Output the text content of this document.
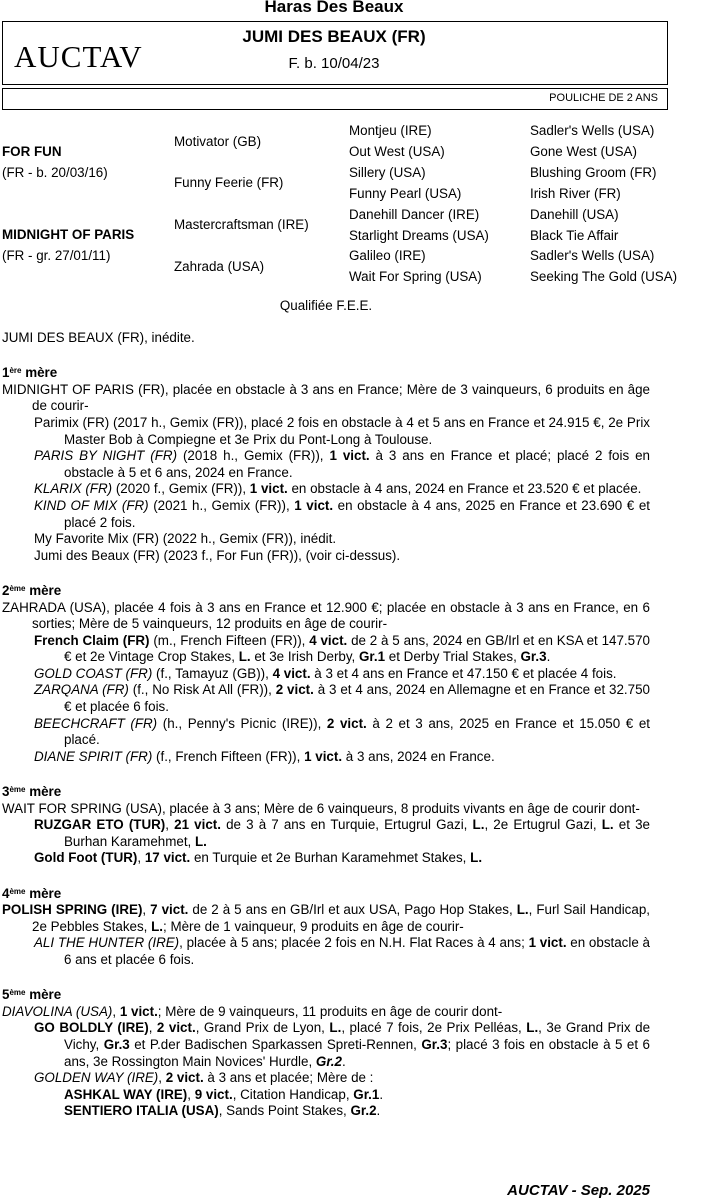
Haras Des Beaux
AUCTAV
JUMI DES BEAUX (FR)
F. b. 10/04/23
POULICHE DE 2 ANS
FOR FUN
(FR - b. 20/03/16)
MIDNIGHT OF PARIS
(FR - gr. 27/01/11)
Motivator (GB)
Funny Feerie (FR)
Mastercraftsman (IRE)
Zahrada (USA)
Montjeu (IRE)
Out West (USA)
Sillery (USA)
Funny Pearl (USA)
Danehill Dancer (IRE)
Starlight Dreams (USA)
Galileo (IRE)
Wait For Spring (USA)
Sadler's Wells (USA)
Gone West (USA)
Blushing Groom (FR)
Irish River (FR)
Danehill (USA)
Black Tie Affair
Sadler's Wells (USA)
Seeking The Gold (USA)
Qualifiée F.E.E.

JUMI DES BEAUX (FR), inédite.

1ère mère

MIDNIGHT OF PARIS (FR), placée en obstacle à 3 ans en France; Mère de 3 vainqueurs, 6 produits en âge de courir-

Parimix (FR) (2017 h., Gemix (FR)), placé 2 fois en obstacle à 4 et 5 ans en France et 24.915 €, 2e Prix Master Bob à Compiegne et 3e Prix du Pont-Long à Toulouse.

PARIS BY NIGHT (FR) (2018 h., Gemix (FR)), 1 vict. à 3 ans en France et placé; placé 2 fois en obstacle à 5 et 6 ans, 2024 en France.

KLARIX (FR) (2020 f., Gemix (FR)), 1 vict. en obstacle à 4 ans, 2024 en France et 23.520 € et placée.

KIND OF MIX (FR) (2021 h., Gemix (FR)), 1 vict. en obstacle à 4 ans, 2025 en France et 23.690 € et placé 2 fois.

My Favorite Mix (FR) (2022 h., Gemix (FR)), inédit.

Jumi des Beaux (FR) (2023 f., For Fun (FR)), (voir ci-dessus).

2ème mère

ZAHRADA (USA), placée 4 fois à 3 ans en France et 12.900 €; placée en obstacle à 3 ans en France, en 6 sorties; Mère de 5 vainqueurs, 12 produits en âge de courir-

French Claim (FR) (m., French Fifteen (FR)), 4 vict. de 2 à 5 ans, 2024 en GB/Irl et en KSA et 147.570 € et 2e Vintage Crop Stakes, L. et 3e Irish Derby, Gr.1 et Derby Trial Stakes, Gr.3.

GOLD COAST (FR) (f., Tamayuz (GB)), 4 vict. à 3 et 4 ans en France et 47.150 € et placée 4 fois.

ZARQANA (FR) (f., No Risk At All (FR)), 2 vict. à 3 et 4 ans, 2024 en Allemagne et en France et 32.750 € et placée 6 fois.

BEECHCRAFT (FR) (h., Penny's Picnic (IRE)), 2 vict. à 2 et 3 ans, 2025 en France et 15.050 € et placé.

DIANE SPIRIT (FR) (f., French Fifteen (FR)), 1 vict. à 3 ans, 2024 en France.

3ème mère

WAIT FOR SPRING (USA), placée à 3 ans; Mère de 6 vainqueurs, 8 produits vivants en âge de courir dont-

RUZGAR ETO (TUR), 21 vict. de 3 à 7 ans en Turquie, Ertugrul Gazi, L., 2e Ertugrul Gazi, L. et 3e Burhan Karamehmet, L.

Gold Foot (TUR), 17 vict. en Turquie et 2e Burhan Karamehmet Stakes, L.

4ème mère

POLISH SPRING (IRE), 7 vict. de 2 à 5 ans en GB/Irl et aux USA, Pago Hop Stakes, L., Furl Sail Handicap, 2e Pebbles Stakes, L.; Mère de 1 vainqueur, 9 produits en âge de courir-

ALI THE HUNTER (IRE), placée à 5 ans; placée 2 fois en N.H. Flat Races à 4 ans; 1 vict. en obstacle à 6 ans et placée 6 fois.

5ème mère

DIAVOLINA (USA), 1 vict.; Mère de 9 vainqueurs, 11 produits en âge de courir dont-

GO BOLDLY (IRE), 2 vict., Grand Prix de Lyon, L., placé 7 fois, 2e Prix Pelléas, L., 3e Grand Prix de Vichy, Gr.3 et P.der Badischen Sparkassen Spreti-Rennen, Gr.3; placé 3 fois en obstacle à 5 et 6 ans, 3e Rossington Main Novices' Hurdle, Gr.2.

GOLDEN WAY (IRE), 2 vict. à 3 ans et placée; Mère de :

ASHKAL WAY (IRE), 9 vict., Citation Handicap, Gr.1.

SENTIERO ITALIA (USA), Sands Point Stakes, Gr.2.

AUCTAV - Sep. 2025
